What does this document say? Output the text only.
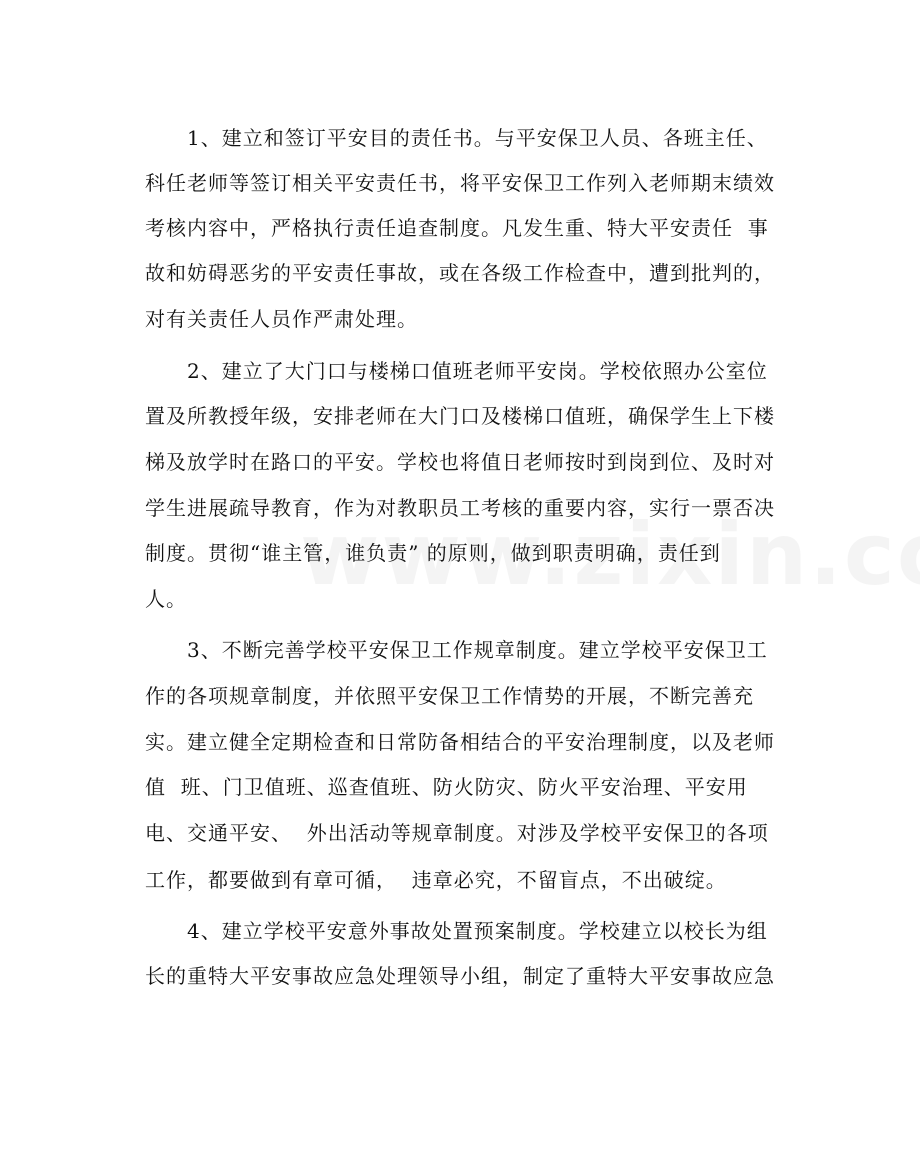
1、建立和签订平安目的责任书。与平安保卫人员、各班主任、
科任老师等签订相关平安责任书，将平安保卫工作列入老师期末绩效
考核内容中，严格执行责任追查制度。凡发生重、特大平安责任  事
故和妨碍恶劣的平安责任事故，或在各级工作检查中，遭到批判的，
对有关责任人员作严肃处理。
2、建立了大门口与楼梯口值班老师平安岗。学校依照办公室位
置及所教授年级，安排老师在大门口及楼梯口值班，确保学生上下楼
梯及放学时在路口的平安。学校也将值日老师按时到岗到位、及时对
学生进展疏导教育，作为对教职员工考核的重要内容，实行一票否决
制度。贯彻“谁主管，谁负责” 的原则，做到职责明确，责任到
人。
3、不断完善学校平安保卫工作规章制度。建立学校平安保卫工
作的各项规章制度，并依照平安保卫工作情势的开展，不断完善充
实。建立健全定期检查和日常防备相结合的平安治理制度，以及老师
值  班、门卫值班、巡查值班、防火防灾、防火平安治理、平安用
电、交通平安、  外出活动等规章制度。对涉及学校平安保卫的各项
工作，都要做到有章可循，  违章必究，不留盲点，不出破绽。
4、建立学校平安意外事故处置预案制度。学校建立以校长为组
长的重特大平安事故应急处理领导小组，制定了重特大平安事故应急
